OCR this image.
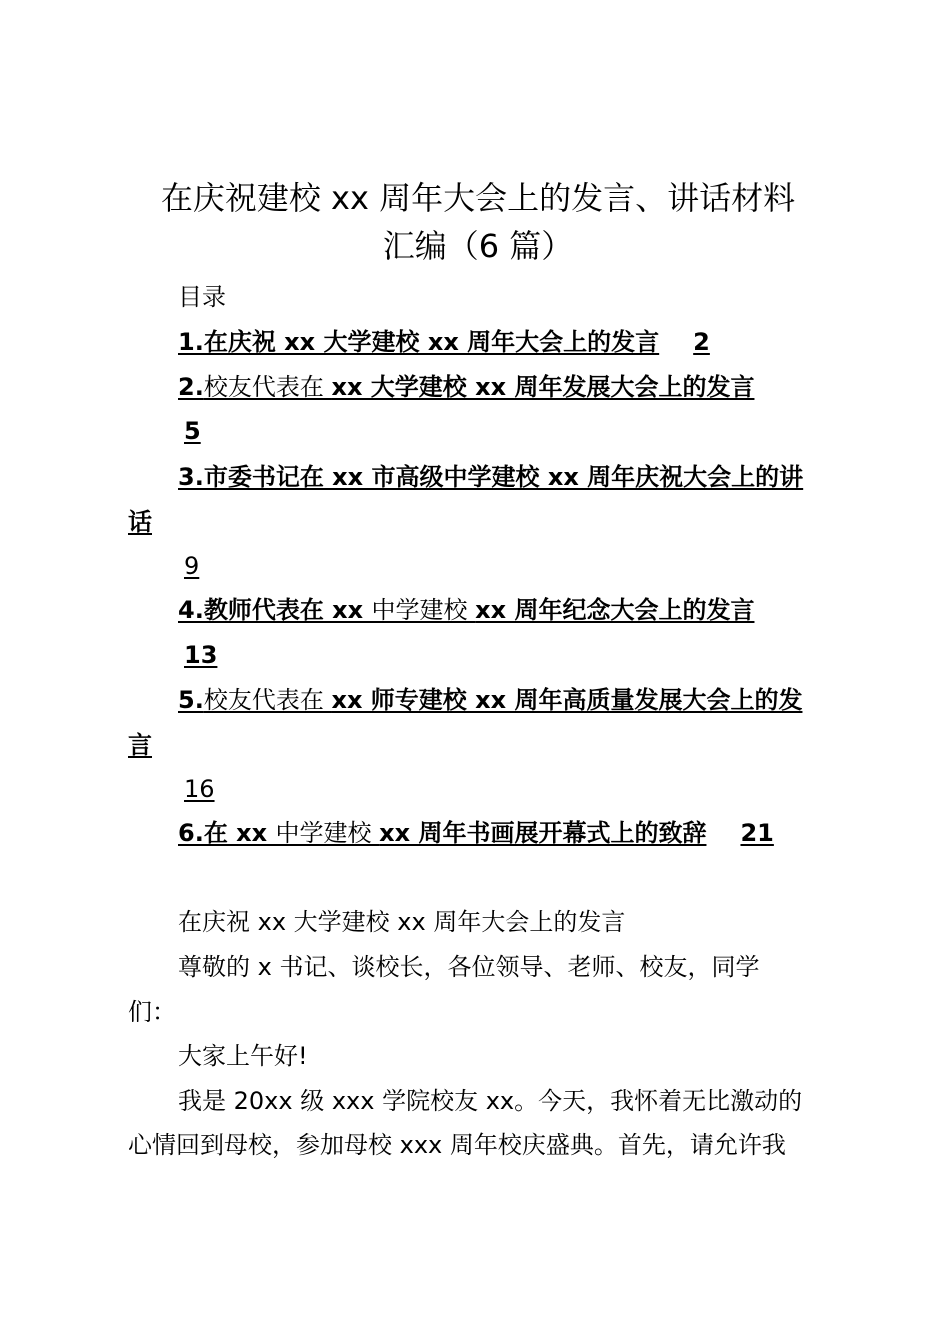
在庆祝建校 xx 周年大会上的发言、讲话材料
汇编（6 篇）
目录
1.在庆祝 xx 大学建校 xx 周年大会上的发言 2
2.校友代表在 xx 大学建校 xx 周年发展大会上的发言
5
3.市委书记在 xx 市高级中学建校 xx 周年庆祝大会上的讲
话
9
4.教师代表在 xx 中学建校 xx 周年纪念大会上的发言
13
5.校友代表在 xx 师专建校 xx 周年高质量发展大会上的发
言
16
6.在 xx 中学建校 xx 周年书画展开幕式上的致辞 21
在庆祝 xx 大学建校 xx 周年大会上的发言
尊敬的 x 书记、谈校长，各位领导、老师、校友，同学
们：
大家上午好!
我是 20xx 级 xxx 学院校友 xx。今天，我怀着无比激动的
心情回到母校，参加母校 xxx 周年校庆盛典。首先，请允许我
